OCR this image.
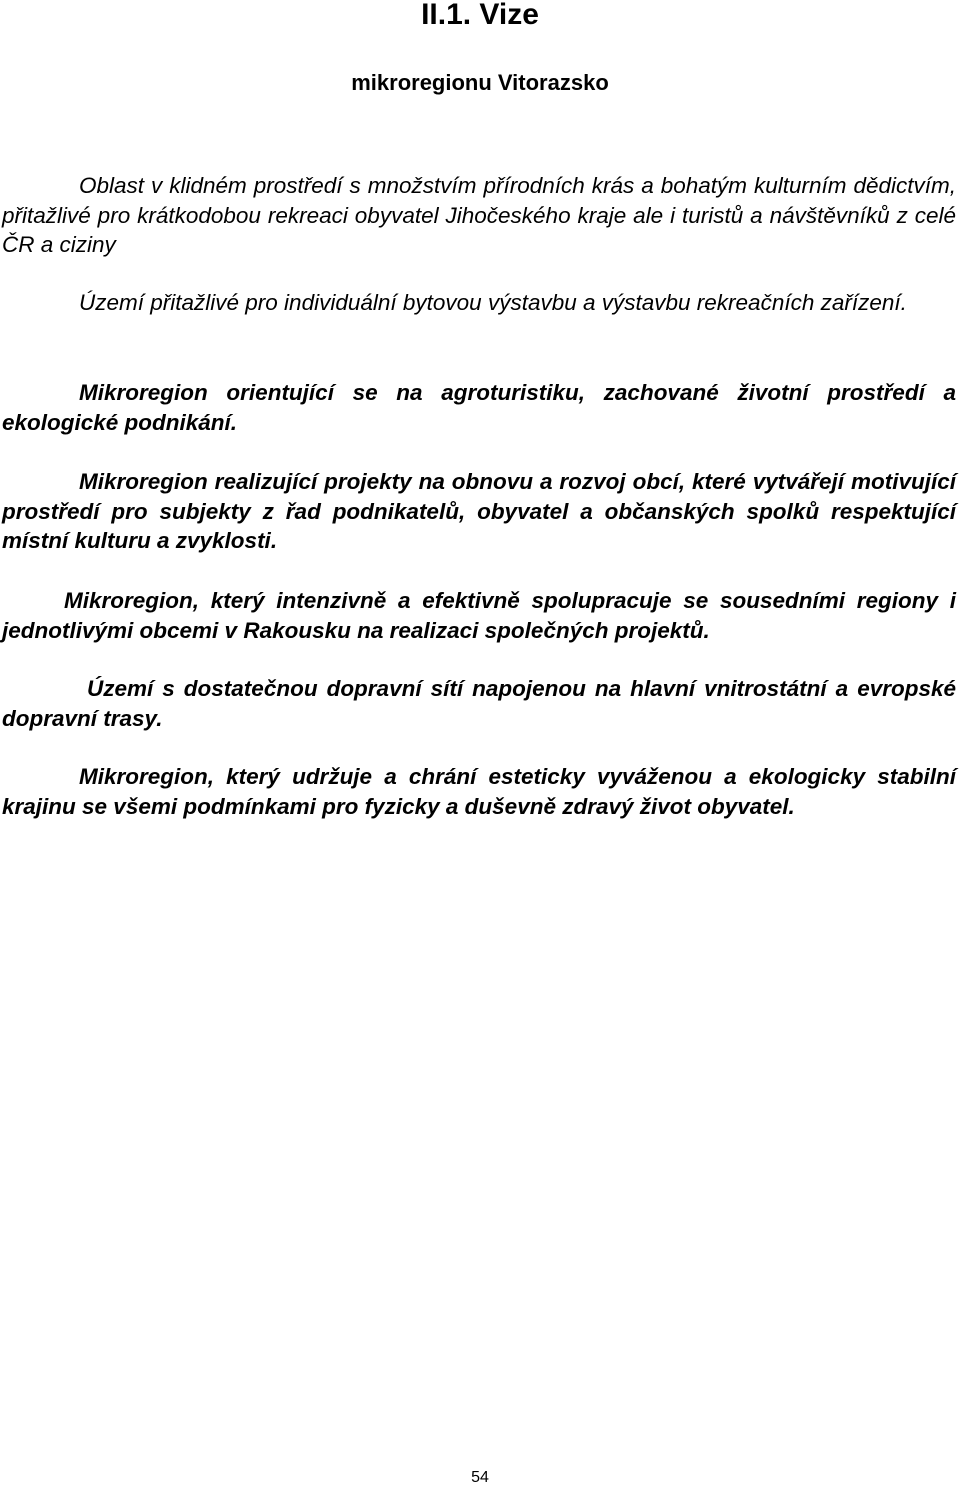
II.1. Vize
mikroregionu Vitorazsko

Oblast v klidném prostředí s množstvím přírodních krás a bohatým kulturním dědictvím, přitažlivé pro krátkodobou rekreaci obyvatel Jihočeského kraje ale i turistů a návštěvníků z celé ČR a ciziny

Území přitažlivé pro individuální bytovou výstavbu a výstavbu rekreačních zařízení.

Mikroregion orientující se na agroturistiku, zachované životní prostředí a ekologické podnikání.

Mikroregion realizující projekty na obnovu a rozvoj obcí, které vytvářejí motivující prostředí pro subjekty z řad podnikatelů, obyvatel a občanských spolků respektující místní kulturu a zvyklosti.

Mikroregion, který intenzivně a efektivně spolupracuje se sousedními regiony i jednotlivými obcemi v Rakousku na realizaci společných projektů.

Území s dostatečnou dopravní sítí napojenou na hlavní vnitrostátní a evropské dopravní trasy.

Mikroregion, který udržuje a chrání esteticky vyváženou a ekologicky stabilní krajinu se všemi podmínkami pro fyzicky a duševně zdravý život obyvatel.

54
